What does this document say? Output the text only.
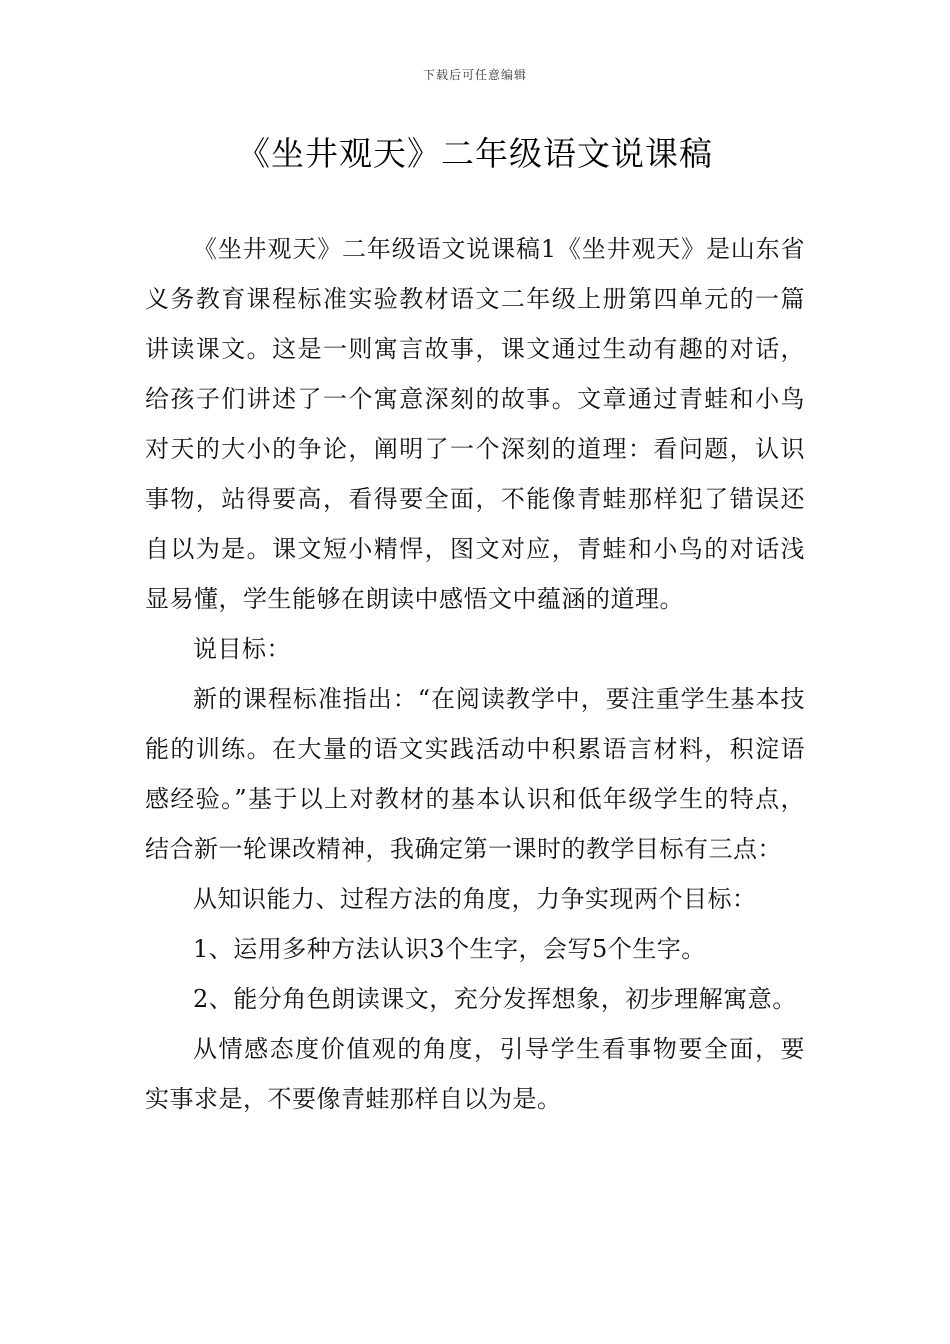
下载后可任意编辑
《坐井观天》二年级语文说课稿

《坐井观天》二年级语文说课稿1《坐井观天》是山东省义务教育课程标准实验教材语文二年级上册第四单元的一篇讲读课文。这是一则寓言故事，课文通过生动有趣的对话，给孩子们讲述了一个寓意深刻的故事。文章通过青蛙和小鸟对天的大小的争论，阐明了一个深刻的道理：看问题，认识事物，站得要高，看得要全面，不能像青蛙那样犯了错误还自以为是。课文短小精悍，图文对应，青蛙和小鸟的对话浅显易懂，学生能够在朗读中感悟文中蕴涵的道理。

说目标：

新的课程标准指出：“在阅读教学中，要注重学生基本技能的训练。在大量的语文实践活动中积累语言材料，积淀语感经验。”基于以上对教材的基本认识和低年级学生的特点，结合新一轮课改精神，我确定第一课时的教学目标有三点：

从知识能力、过程方法的角度，力争实现两个目标：

1、运用多种方法认识3个生字，会写5个生字。

2、能分角色朗读课文，充分发挥想象，初步理解寓意。

从情感态度价值观的角度，引导学生看事物要全面，要实事求是，不要像青蛙那样自以为是。
